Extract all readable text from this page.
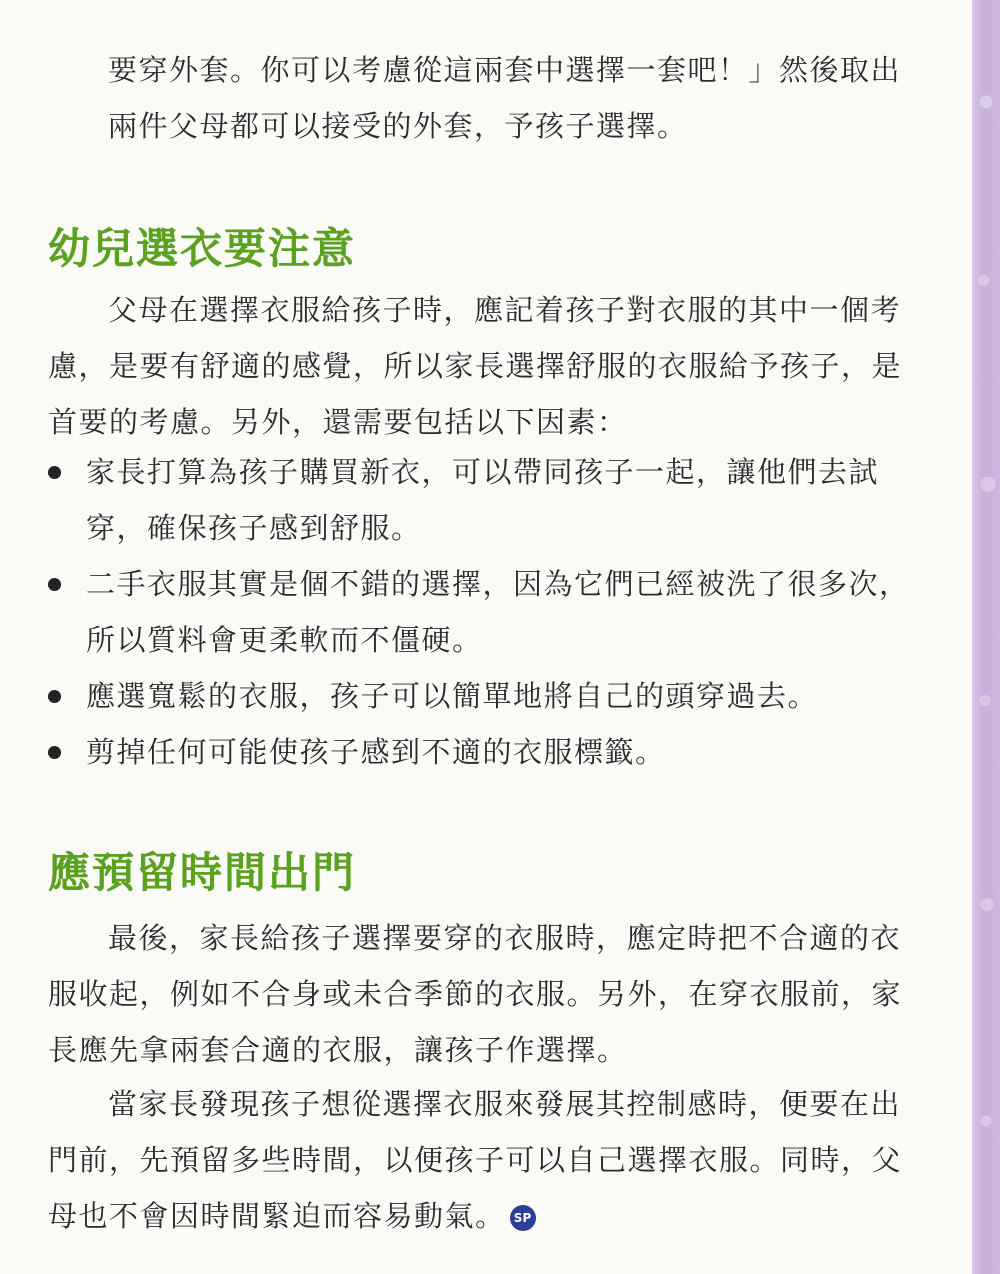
要穿外套。你可以考慮從這兩套中選擇一套吧！」然後取出
兩件父母都可以接受的外套，予孩子選擇。

幼兒選衣要注意

父母在選擇衣服給孩子時，應記着孩子對衣服的其中一個考
慮，是要有舒適的感覺，所以家長選擇舒服的衣服給予孩子，是
首要的考慮。另外，還需要包括以下因素：

家長打算為孩子購買新衣，可以帶同孩子一起，讓他們去試
穿，確保孩子感到舒服。
二手衣服其實是個不錯的選擇，因為它們已經被洗了很多次，
所以質料會更柔軟而不僵硬。
應選寬鬆的衣服，孩子可以簡單地將自己的頭穿過去。
剪掉任何可能使孩子感到不適的衣服標籤。
應預留時間出門

最後，家長給孩子選擇要穿的衣服時，應定時把不合適的衣
服收起，例如不合身或未合季節的衣服。另外，在穿衣服前，家
長應先拿兩套合適的衣服，讓孩子作選擇。

當家長發現孩子想從選擇衣服來發展其控制感時，便要在出
門前，先預留多些時間，以便孩子可以自己選擇衣服。同時，父
母也不會因時間緊迫而容易動氣。 SP
